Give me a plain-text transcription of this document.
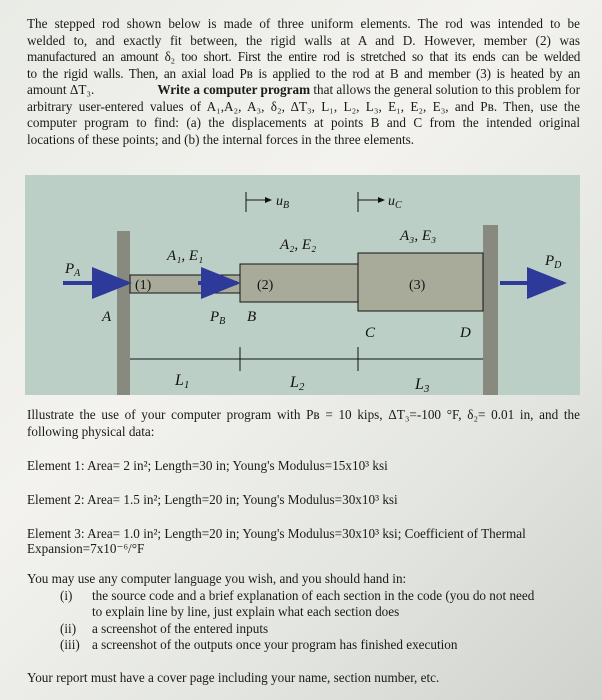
The stepped rod shown below is made of three uniform elements. The rod was intended to be
welded to, and exactly fit between, the rigid walls at A and D. However, member (2) was
manufactured an amount δ₂ too short. First the entire rod is stretched so that its ends can be welded
to the rigid walls. Then, an axial load Pʙ is applied to the rod at B and member (3) is heated by an
amount ΔT₃.	Write a computer program that allows the general solution to this problem for
arbitrary user-entered values of A₁,A₂, A₃, δ₂, ΔT₃, L₁, L₂, L₃, E₁, E₂, E₃, and Pʙ. Then, use the
computer program to find: (a) the displacements at points B and C from the intended original
locations of these points; and (b) the internal forces in the three elements.
$u_B$	$u_C$
A₁, E₁
A₂, E₂
A₃, E₃
$P_A$
$P_D$
$P_B$
(1)	(2)	(3)
A	B
C	D
L1	L2	L3
Illustrate the use of your computer program with Pʙ = 10 kips, ΔT₃=-100 °F, δ₂= 0.01 in, and the
following physical data:
Element 1: Area= 2 in²; Length=30 in; Young's Modulus=15x10³ ksi
Element 2: Area= 1.5 in²; Length=20 in; Young's Modulus=30x10³ ksi
Element 3: Area= 1.0 in²; Length=20 in; Young's Modulus=30x10³ ksi; Coefficient of Thermal
Expansion=7x10⁻⁶/°F
You may use any computer language you wish, and you should hand in:
(i) the source code and a brief explanation of each section in the code (you do not need
to explain line by line, just explain what each section does
(ii) a screenshot of the entered inputs
(iii) a screenshot of the outputs once your program has finished execution
Your report must have a cover page including your name, section number, etc.
